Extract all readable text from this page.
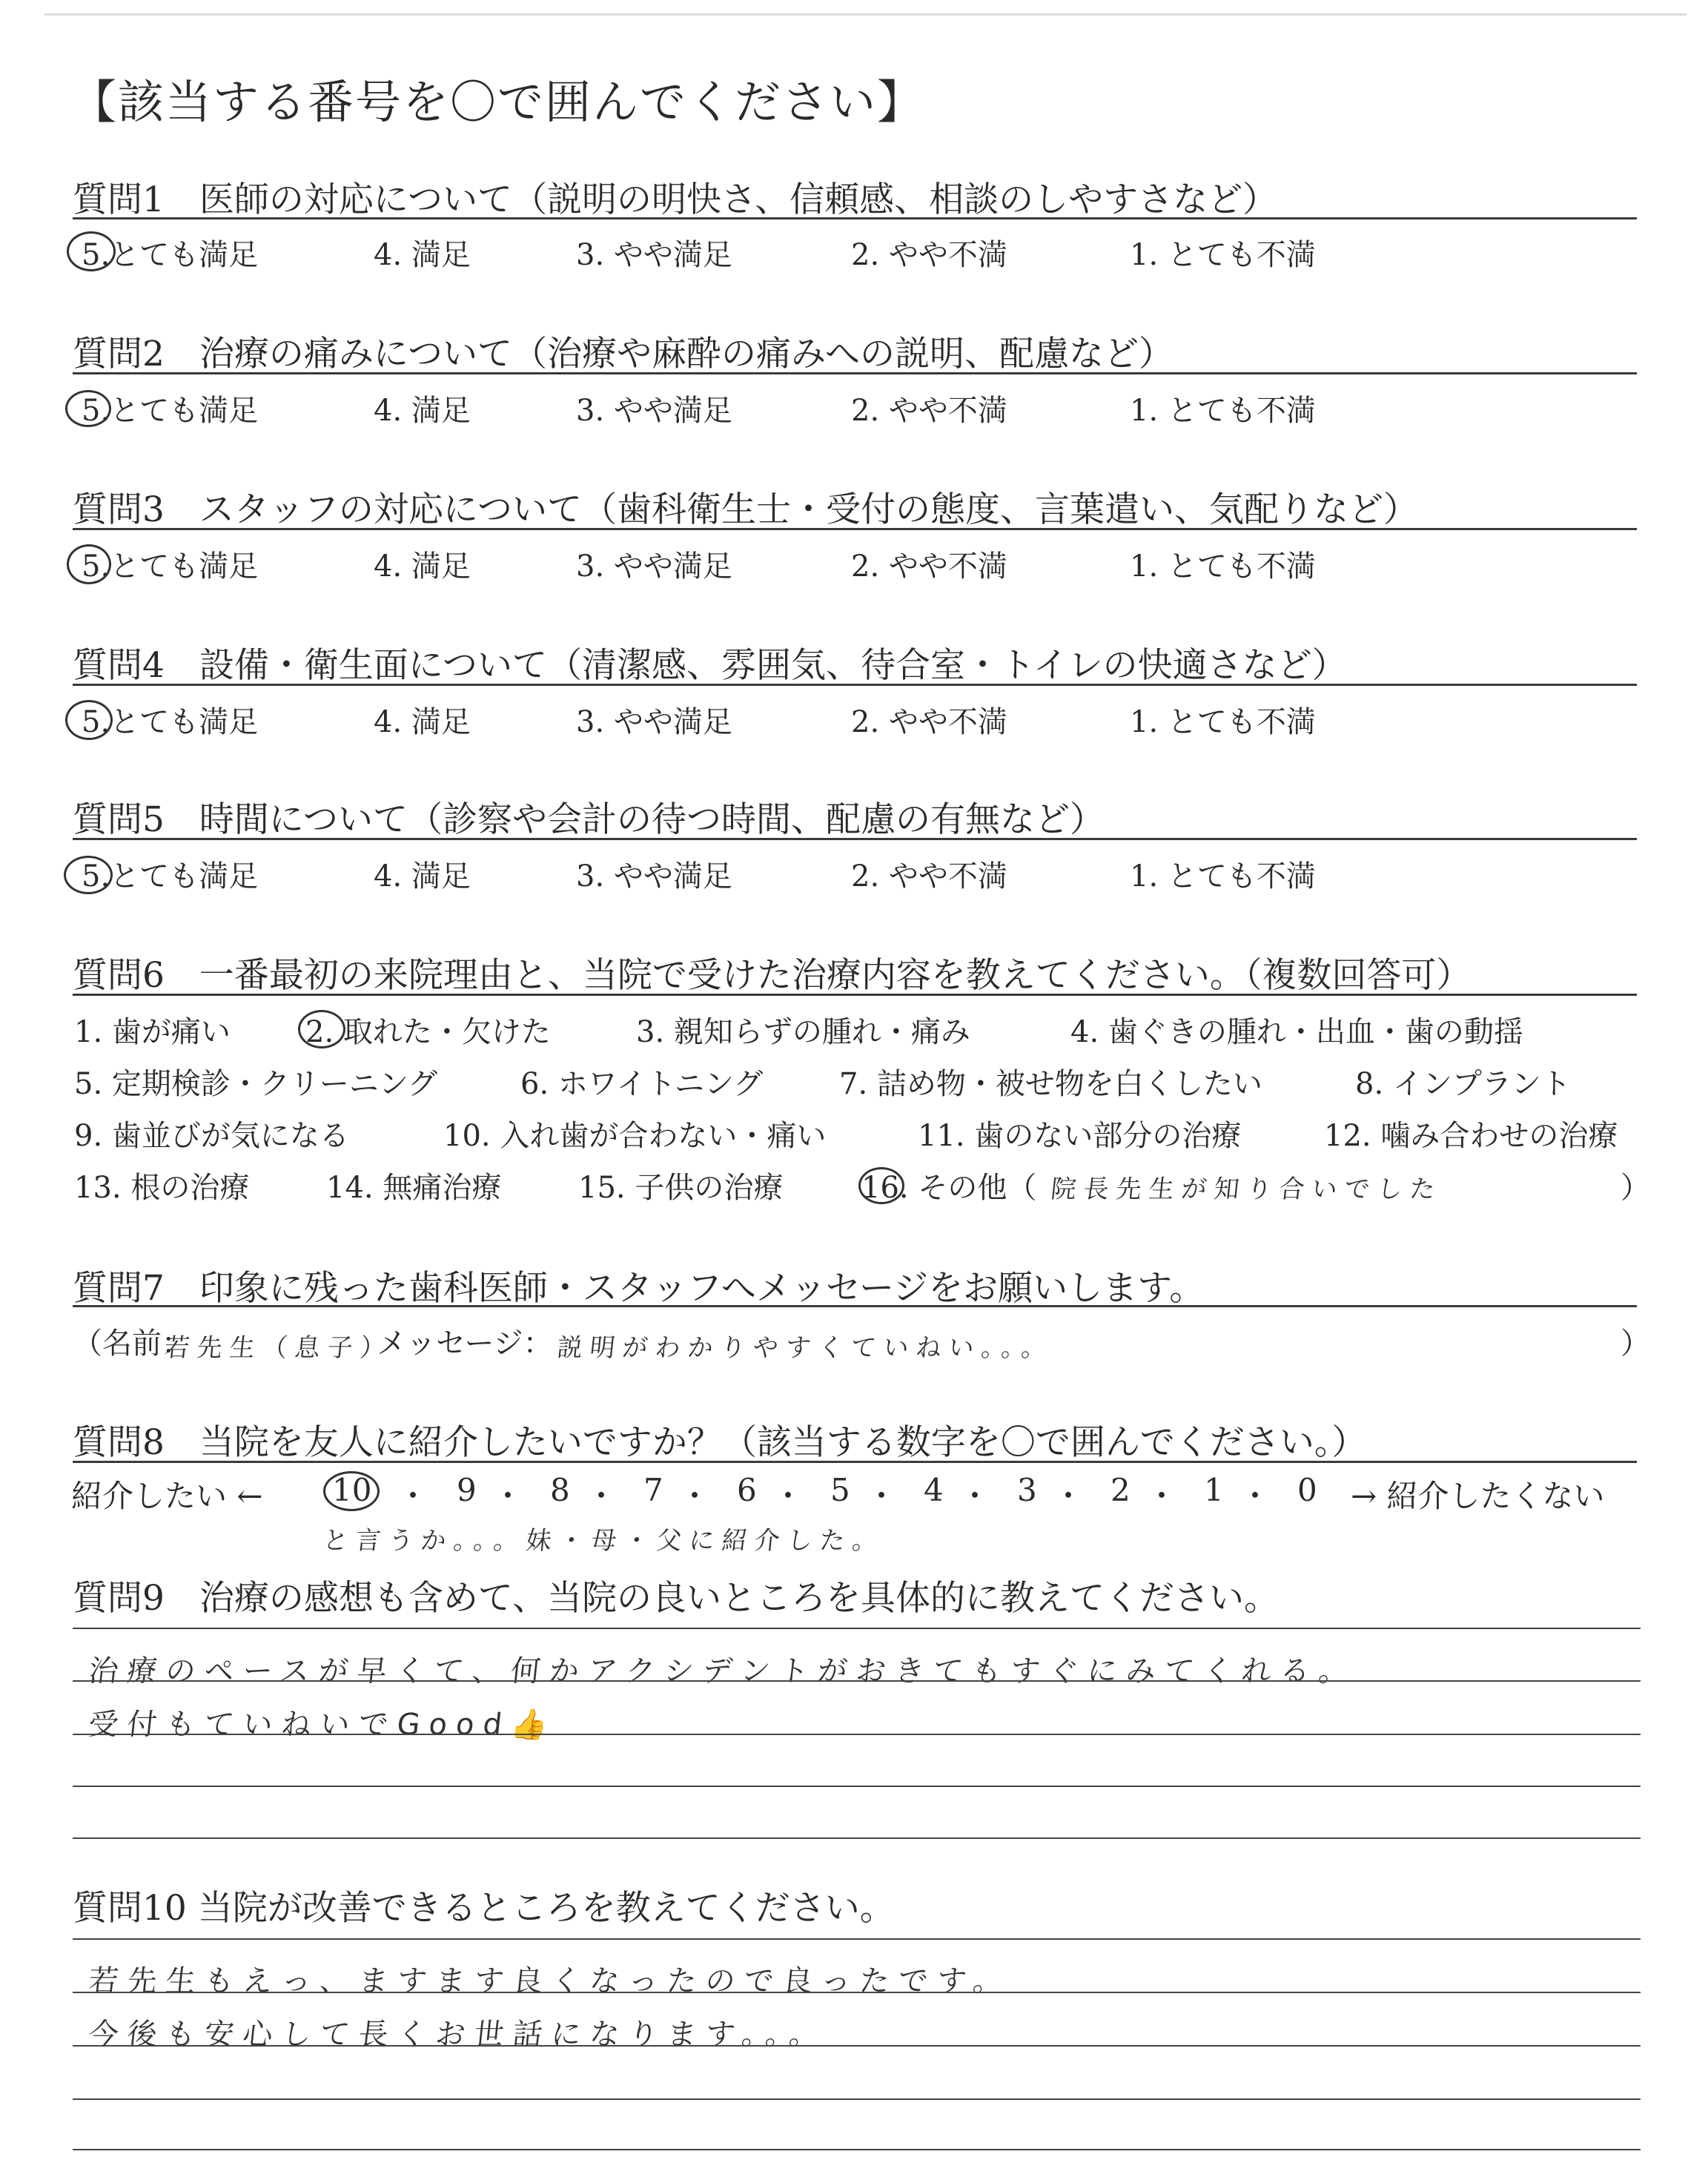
【該当する番号を〇で囲んでください】
質問1　医師の対応について（説明の明快さ、信頼感、相談のしやすさなど）
5.とても満足	4. 満足	3. やや満足	2. やや不満	1. とても不満
質問2　治療の痛みについて（治療や麻酔の痛みへの説明、配慮など）
5.とても満足	4. 満足	3. やや満足	2. やや不満	1. とても不満
質問3　スタッフの対応について（歯科衛生士・受付の態度、言葉遣い、気配りなど）
5.とても満足	4. 満足	3. やや満足	2. やや不満	1. とても不満
質問4　設備・衛生面について（清潔感、雰囲気、待合室・トイレの快適さなど）
5.とても満足	4. 満足	3. やや満足	2. やや不満	1. とても不満
質問5　時間について（診察や会計の待つ時間、配慮の有無など）
5.とても満足	4. 満足	3. やや満足	2. やや不満	1. とても不満
質問6　一番最初の来院理由と、当院で受けた治療内容を教えてください。（複数回答可）
1. 歯が痛い	2. 取れた・欠けた	3. 親知らずの腫れ・痛み	4. 歯ぐきの腫れ・出血・歯の動揺
5. 定期検診・クリーニング	6. ホワイトニング	7. 詰め物・被せ物を白くしたい	8. インプラント
9. 歯並びが気になる	10. 入れ歯が合わない・痛い	11. 歯のない部分の治療	12. 噛み合わせの治療
13. 根の治療	14. 無痛治療	15. 子供の治療	16. その他（ 院長先生が知り合いでした	）
質問7　印象に残った歯科医師・スタッフへメッセージをお願いします。
（名前：
若先生（息子）
メッセージ： 説明がわかりやすくていねい。。。	）
質問8　当院を友人に紹介したいですか？（該当する数字を〇で囲んでください。）
紹介したい ← 10 ・ 9 ・ 8 ・ 7 ・ 6 ・ 5 ・ 4 ・ 3 ・ 2 ・ 1 ・ 0 → 紹介したくない
と言うか。。。妹・母・父に紹介した。
質問9　治療の感想も含めて、当院の良いところを具体的に教えてください。
治療のペースが早くて、何かアクシデントがおきてもすぐにみてくれる。
受付もていねいでGood👍
質問10 当院が改善できるところを教えてください。
若先生もえっ、ますます良くなったので良ったです。
今後も安心して長くお世話になります。。。
